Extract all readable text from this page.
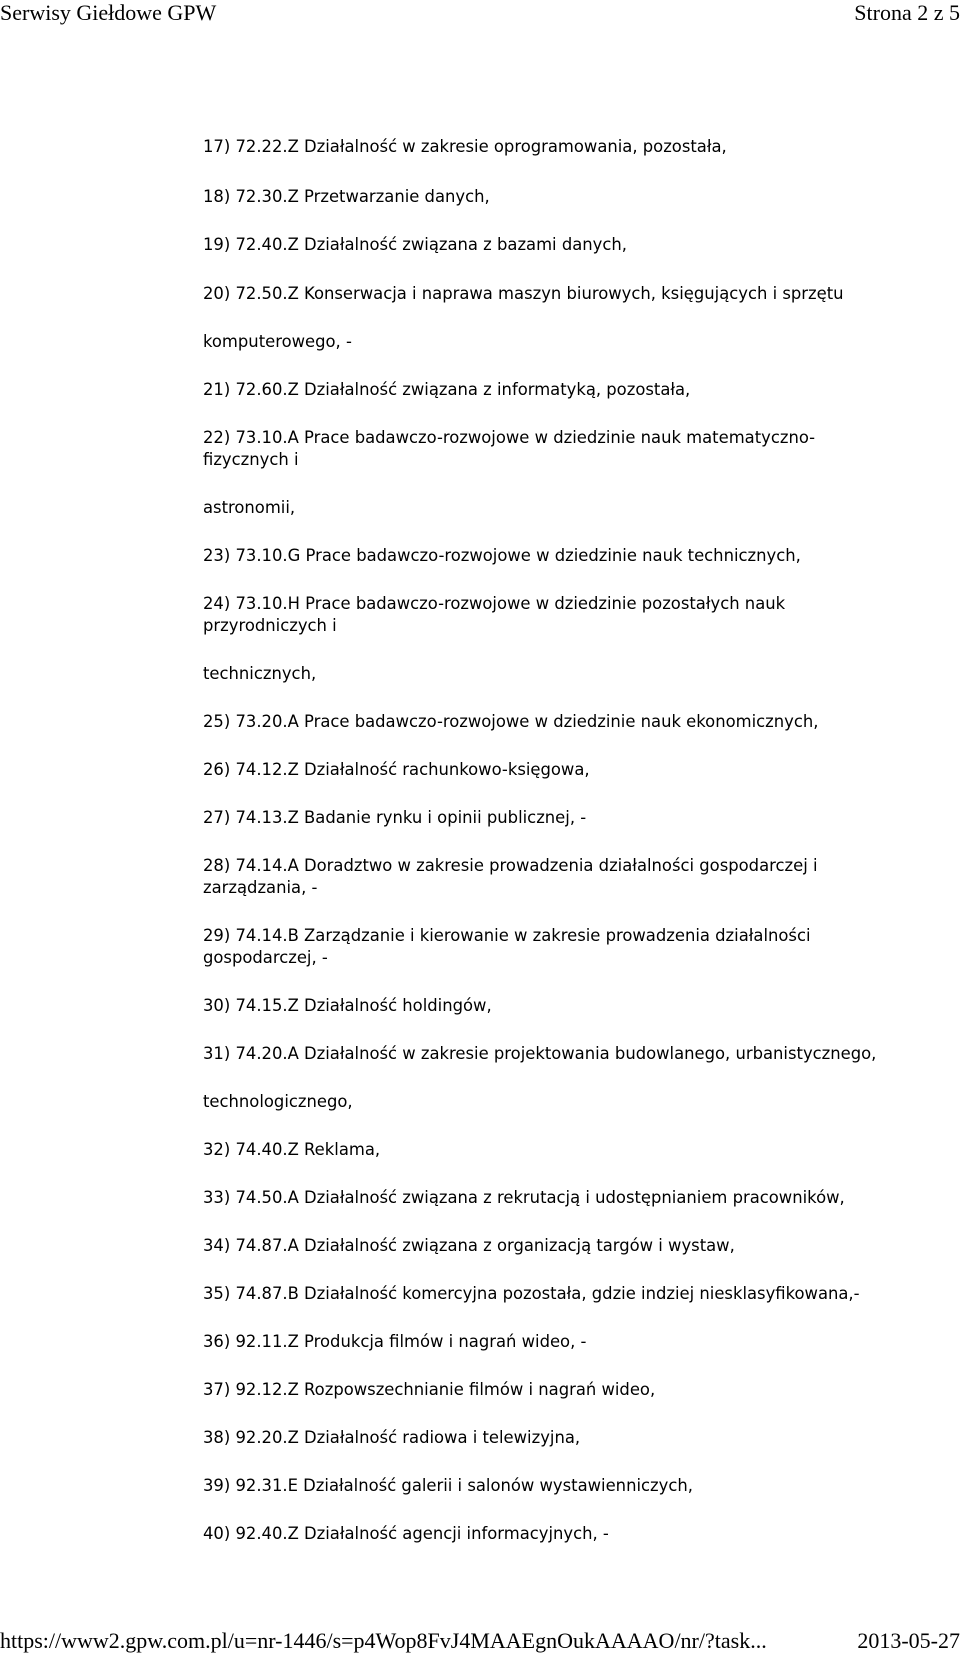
Serwisy Giełdowe GPW	Strona 2 z 5

17) 72.22.Z Działalność w zakresie oprogramowania, pozostała,

18) 72.30.Z Przetwarzanie danych,

19) 72.40.Z Działalność związana z bazami danych,

20) 72.50.Z Konserwacja i naprawa maszyn biurowych, księgujących i sprzętu

komputerowego, -

21) 72.60.Z Działalność związana z informatyką, pozostała,

22) 73.10.A Prace badawczo-rozwojowe w dziedzinie nauk matematyczno-

fizycznych i

astronomii,

23) 73.10.G Prace badawczo-rozwojowe w dziedzinie nauk technicznych,

24) 73.10.H Prace badawczo-rozwojowe w dziedzinie pozostałych nauk

przyrodniczych i

technicznych,

25) 73.20.A Prace badawczo-rozwojowe w dziedzinie nauk ekonomicznych,

26) 74.12.Z Działalność rachunkowo-księgowa,

27) 74.13.Z Badanie rynku i opinii publicznej, -

28) 74.14.A Doradztwo w zakresie prowadzenia działalności gospodarczej i

zarządzania, -

29) 74.14.B Zarządzanie i kierowanie w zakresie prowadzenia działalności

gospodarczej, -

30) 74.15.Z Działalność holdingów,

31) 74.20.A Działalność w zakresie projektowania budowlanego, urbanistycznego,

technologicznego,

32) 74.40.Z Reklama,

33) 74.50.A Działalność związana z rekrutacją i udostępnianiem pracowników,

34) 74.87.A Działalność związana z organizacją targów i wystaw,

35) 74.87.B Działalność komercyjna pozostała, gdzie indziej niesklasyfikowana,-

36) 92.11.Z Produkcja filmów i nagrań wideo, -

37) 92.12.Z Rozpowszechnianie filmów i nagrań wideo,

38) 92.20.Z Działalność radiowa i telewizyjna,

39) 92.31.E Działalność galerii i salonów wystawienniczych,

40) 92.40.Z Działalność agencji informacyjnych, -

https://www2.gpw.com.pl/u=nr-1446/s=p4Wop8FvJ4MAAEgnOukAAAAO/nr/?task...	2013-05-27
